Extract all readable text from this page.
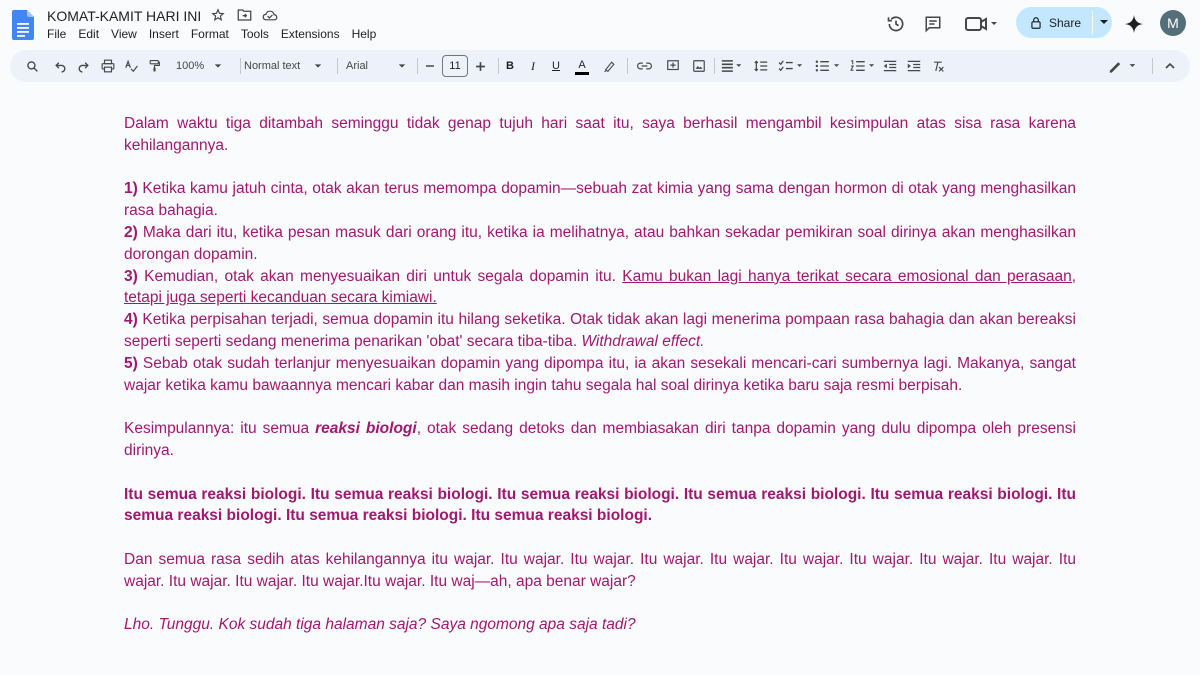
KOMAT-KAMIT HARI INI
File	Edit	View	Insert	Format	Tools	Extensions	Help
Share	M
100%	Normal text	Arial	11	B	I	U	A

Dalam waktu tiga ditambah seminggu tidak genap tujuh hari saat itu, saya berhasil mengambil kesimpulan atas sisa rasa karena kehilangannya.

1) Ketika kamu jatuh cinta, otak akan terus memompa dopamin—sebuah zat kimia yang sama dengan hormon di otak yang menghasilkan rasa bahagia.

2) Maka dari itu, ketika pesan masuk dari orang itu, ketika ia melihatnya, atau bahkan sekadar pemikiran soal dirinya akan menghasilkan dorongan dopamin.

3) Kemudian, otak akan menyesuaikan diri untuk segala dopamin itu. Kamu bukan lagi hanya terikat secara emosional dan perasaan, tetapi juga seperti kecanduan secara kimiawi.

4) Ketika perpisahan terjadi, semua dopamin itu hilang seketika. Otak tidak akan lagi menerima pompaan rasa bahagia dan akan bereaksi seperti seperti sedang menerima penarikan 'obat' secara tiba-tiba. Withdrawal effect.

5) Sebab otak sudah terlanjur menyesuaikan dopamin yang dipompa itu, ia akan sesekali mencari-cari sumbernya lagi. Makanya, sangat wajar ketika kamu bawaannya mencari kabar dan masih ingin tahu segala hal soal dirinya ketika baru saja resmi berpisah.

Kesimpulannya: itu semua reaksi biologi, otak sedang detoks dan membiasakan diri tanpa dopamin yang dulu dipompa oleh presensi dirinya.

Itu semua reaksi biologi. Itu semua reaksi biologi. Itu semua reaksi biologi. Itu semua reaksi biologi. Itu semua reaksi biologi. Itu semua reaksi biologi. Itu semua reaksi biologi. Itu semua reaksi biologi.

Dan semua rasa sedih atas kehilangannya itu wajar. Itu wajar. Itu wajar. Itu wajar. Itu wajar. Itu wajar. Itu wajar. Itu wajar. Itu wajar. Itu wajar. Itu wajar. Itu wajar. Itu wajar.Itu wajar. Itu waj—ah, apa benar wajar?

Lho. Tunggu. Kok sudah tiga halaman saja? Saya ngomong apa saja tadi?
